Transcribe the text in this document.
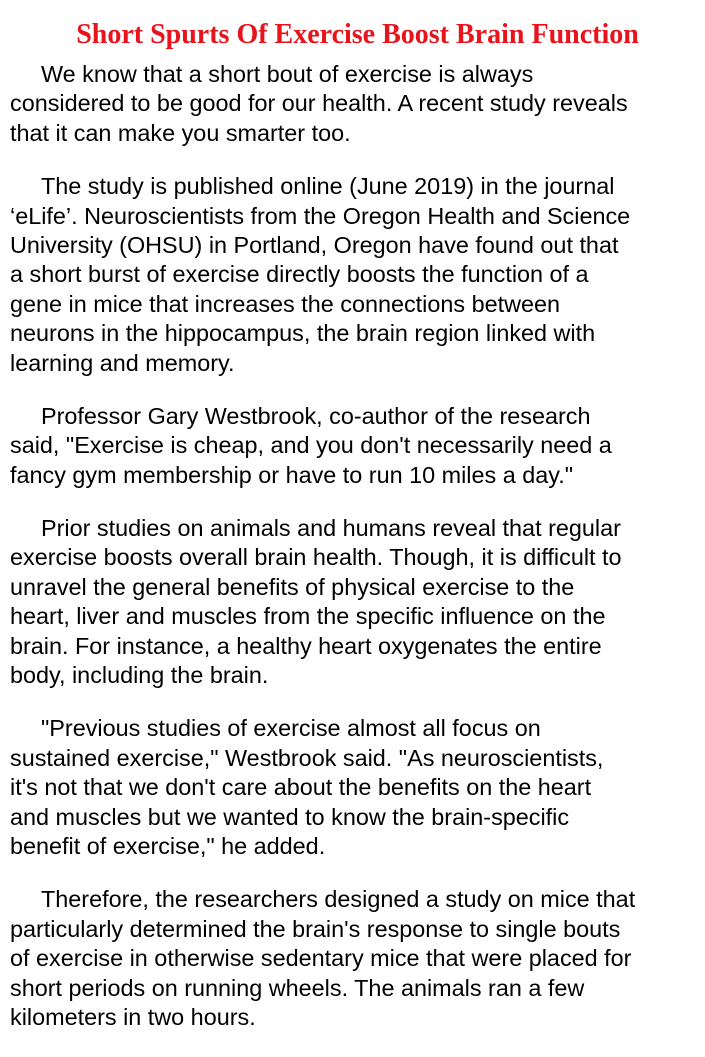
Short Spurts Of Exercise Boost Brain Function

We know that a short bout of exercise is always
considered to be good for our health. A recent study reveals
that it can make you smarter too.

The study is published online (June 2019) in the journal
‘eLife’. Neuroscientists from the Oregon Health and Science
University (OHSU) in Portland, Oregon have found out that
a short burst of exercise directly boosts the function of a
gene in mice that increases the connections between
neurons in the hippocampus, the brain region linked with
learning and memory.

Professor Gary Westbrook, co-author of the research
said, "Exercise is cheap, and you don't necessarily need a
fancy gym membership or have to run 10 miles a day."

Prior studies on animals and humans reveal that regular
exercise boosts overall brain health. Though, it is difficult to
unravel the general benefits of physical exercise to the
heart, liver and muscles from the specific influence on the
brain. For instance, a healthy heart oxygenates the entire
body, including the brain.

"Previous studies of exercise almost all focus on
sustained exercise," Westbrook said. "As neuroscientists,
it's not that we don't care about the benefits on the heart
and muscles but we wanted to know the brain-specific
benefit of exercise," he added.

Therefore, the researchers designed a study on mice that
particularly determined the brain's response to single bouts
of exercise in otherwise sedentary mice that were placed for
short periods on running wheels. The animals ran a few
kilometers in two hours.
